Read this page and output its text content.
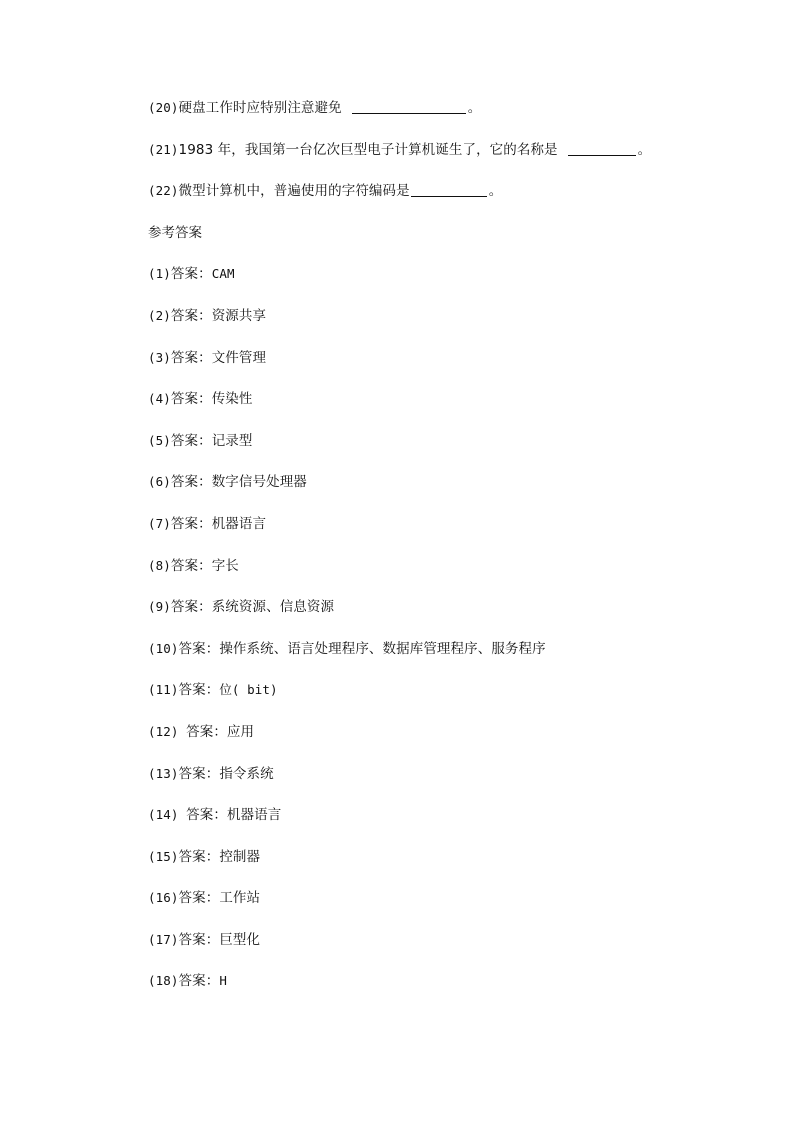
(20)硬盘工作时应特别注意避免	。
(21)1983 年，我国第一台亿次巨型电子计算机诞生了，它的名称是	。
(22)微型计算机中，普遍使用的字符编码是	。
参考答案
(1)答案：CAM
(2)答案：资源共享
(3)答案：文件管理
(4)答案：传染性
(5)答案：记录型
(6)答案：数字信号处理器
(7)答案：机器语言
(8)答案：字长
(9)答案：系统资源、信息资源
(10)答案：操作系统、语言处理程序、数据库管理程序、服务程序
(11)答案：位( bit)
(12) 答案：应用
(13)答案：指令系统
(14) 答案：机器语言
(15)答案：控制器
(16)答案：工作站
(17)答案：巨型化
(18)答案：H
